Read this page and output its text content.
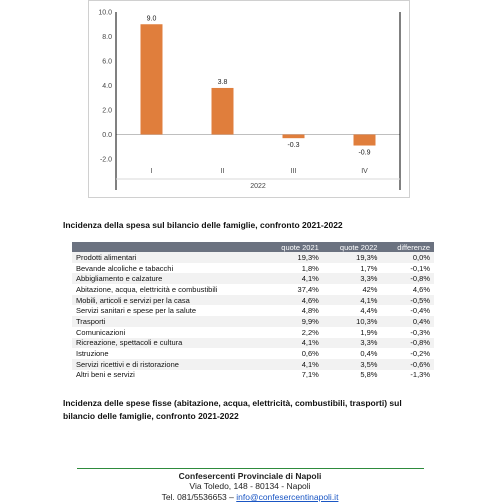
10.0
8.0
6.0
4.0
2.0
0.0
-2.0
9.0
I
3.8
II
-0.3
III
-0.9
IV
2022
Incidenza della spesa sul bilancio delle famiglie, confronto 2021-2022
	quote 2021	quote 2022	differenze
Prodotti alimentari	19,3%	19,3%	0,0%
Bevande alcoliche e tabacchi	1,8%	1,7%	-0,1%
Abbigliamento e calzature	4,1%	3,3%	-0,8%
Abitazione, acqua, elettricità e combustibili	37,4%	42%	4,6%
Mobili, articoli e servizi per la casa	4,6%	4,1%	-0,5%
Servizi sanitari e spese per la salute	4,8%	4,4%	-0,4%
Trasporti	9,9%	10,3%	0,4%
Comunicazioni	2,2%	1,9%	-0,3%
Ricreazione, spettacoli e cultura	4,1%	3,3%	-0,8%
Istruzione	0,6%	0,4%	-0,2%
Servizi ricettivi e di ristorazione	4,1%	3,5%	-0,6%
Altri beni e servizi	7,1%	5,8%	-1,3%
Incidenza delle spese fisse (abitazione, acqua, elettricità, combustibili, trasporti) sul bilancio delle famiglie, confronto 2021-2022
Confesercenti Provinciale di Napoli
Via Toledo, 148 - 80134 - Napoli
Tel. 081/5536653 – info@confesercentinapoli.it
